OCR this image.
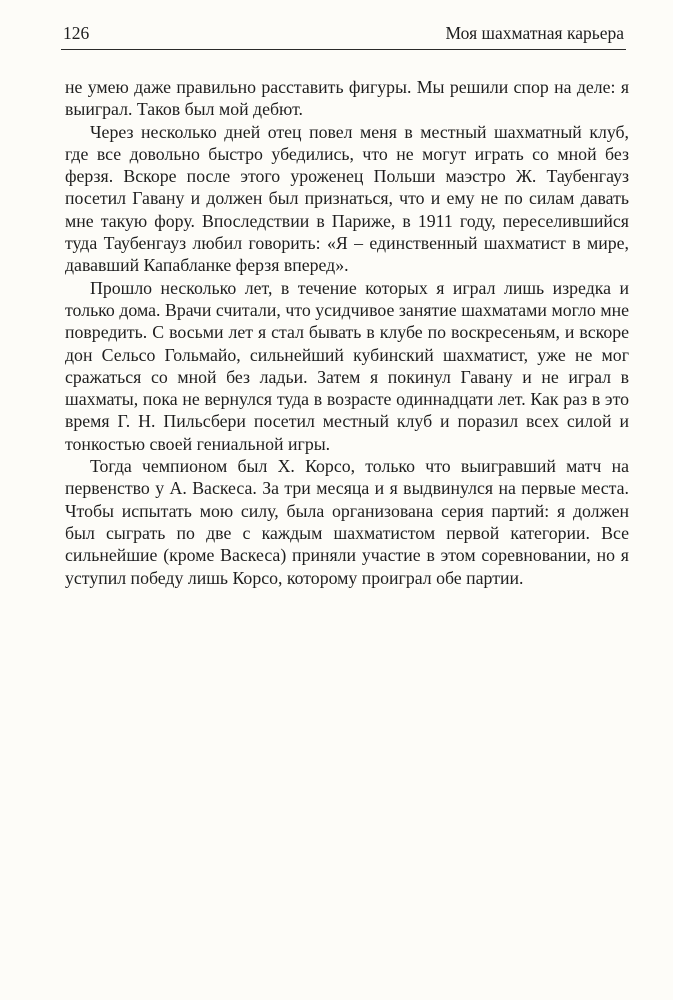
126	Моя шахматная карьера

не умею даже правильно расставить фигуры. Мы решили спор на деле: я выиграл. Таков был мой дебют.

Через несколько дней отец повел меня в местный шахматный клуб, где все довольно быстро убедились, что не могут играть со мной без ферзя. Вскоре после этого уроженец Польши маэстро Ж. Таубенгауз посетил Гавану и должен был признаться, что и ему не по силам давать мне такую фору. Впоследствии в Париже, в 1911 году, переселившийся туда Таубенгауз любил говорить: «Я – единственный шахматист в мире, дававший Капабланке ферзя вперед».

Прошло несколько лет, в течение которых я играл лишь изредка и только дома. Врачи считали, что усидчивое занятие шахматами могло мне повредить. С восьми лет я стал бывать в клубе по воскресеньям, и вскоре дон Сельсо Гольмайо, сильнейший кубинский шахматист, уже не мог сражаться со мной без ладьи. Затем я покинул Гавану и не играл в шахматы, пока не вернулся туда в возрасте одиннадцати лет. Как раз в это время Г. Н. Пильсбери посетил местный клуб и поразил всех силой и тонкостью своей гениальной игры.

Тогда чемпионом был Х. Корсо, только что выигравший матч на первенство у А. Васкеса. За три месяца и я выдвинулся на первые места. Чтобы испытать мою силу, была организована серия партий: я должен был сыграть по две с каждым шахматистом первой категории. Все сильнейшие (кроме Васкеса) приняли участие в этом соревновании, но я уступил победу лишь Корсо, которому проиграл обе партии.
